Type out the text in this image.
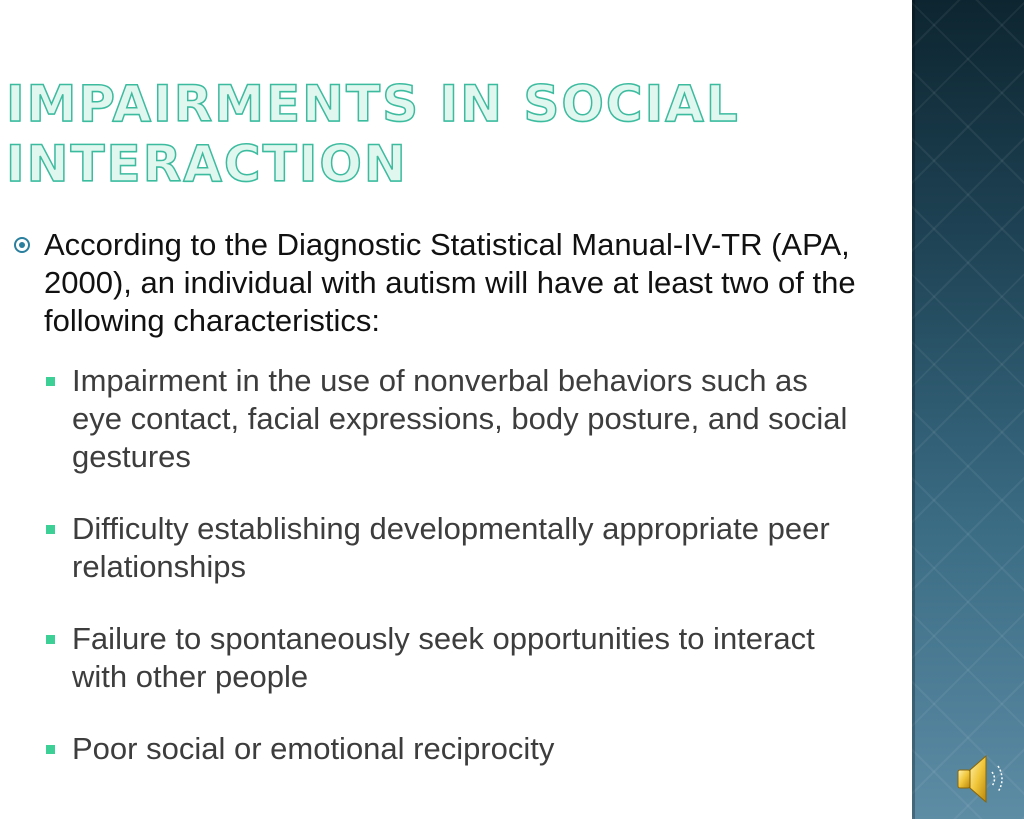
IMPAIRMENTS IN SOCIAL INTERACTION
According to the Diagnostic Statistical Manual-IV-TR (APA, 2000), an individual with autism will have at least two of the following characteristics:
Impairment in the use of nonverbal behaviors such as eye contact, facial expressions, body posture, and social gestures
Difficulty establishing developmentally appropriate peer relationships
Failure to spontaneously seek opportunities to interact with other people
Poor social or emotional reciprocity
